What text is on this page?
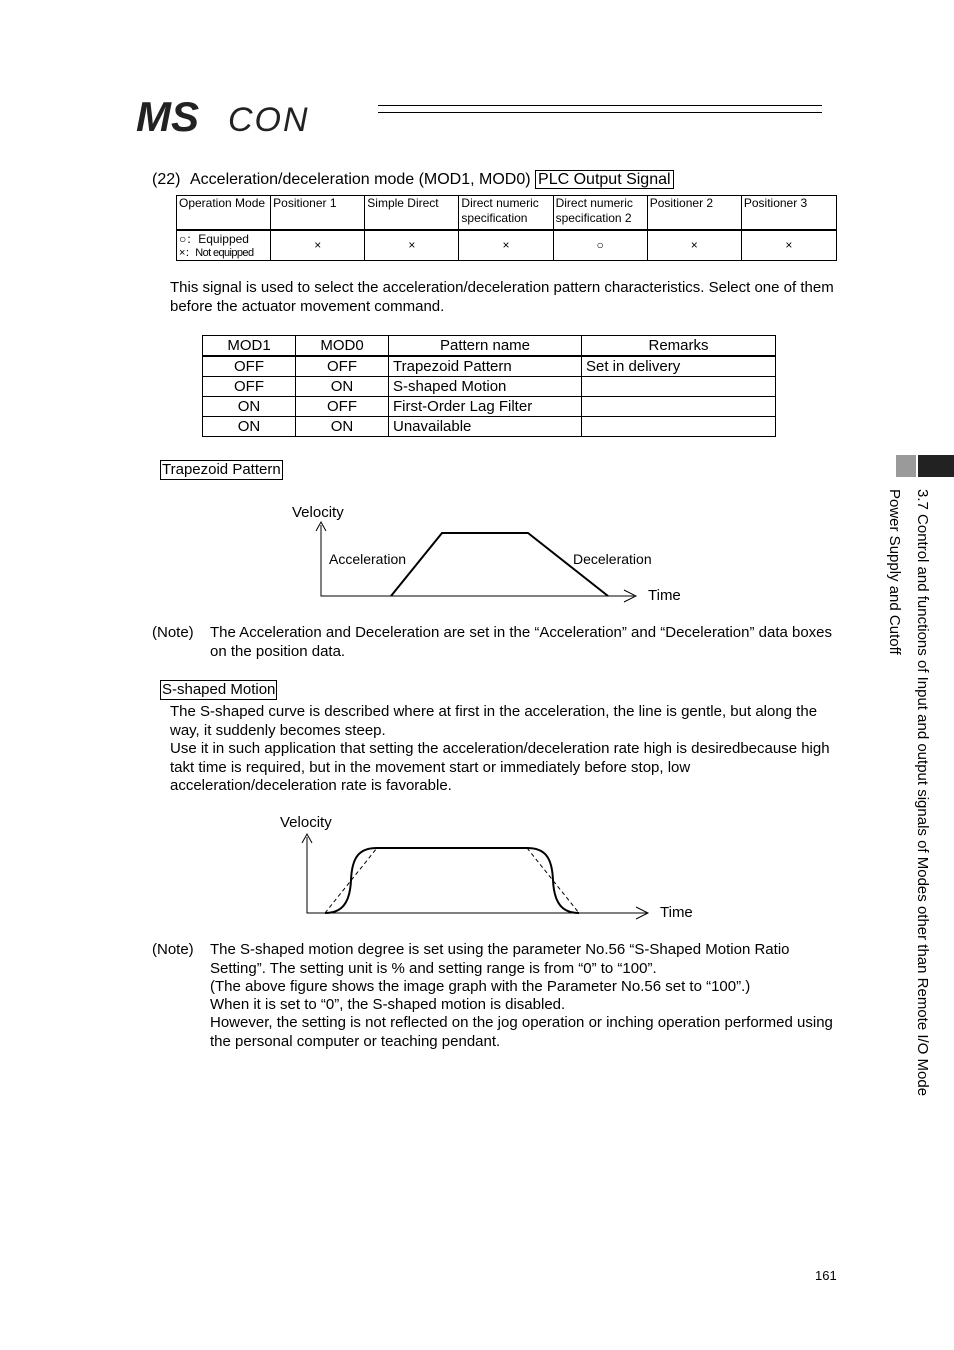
MS CON
(22) Acceleration/deceleration mode (MOD1, MOD0) PLC Output Signal
Operation Mode	Positioner 1	Simple Direct	Direct numeric specification	Direct numeric specification 2	Positioner 2	Positioner 3

○：Equipped
×：Not equipped	×	×	×	○	×	×
This signal is used to select the acceleration/deceleration pattern characteristics. Select one of them before the actuator movement command.
MOD1	MOD0	Pattern name	Remarks
OFF	OFF	Trapezoid Pattern	Set in delivery
OFF	ON	S-shaped Motion	
ON	OFF	First-Order Lag Filter	
ON	ON	Unavailable	
Trapezoid Pattern
Velocity
Acceleration	Deceleration
Time
(Note) The Acceleration and Deceleration are set in the “Acceleration” and “Deceleration” data boxes on the position data.
S-shaped Motion
The S-shaped curve is described where at first in the acceleration, the line is gentle, but along the way, it suddenly becomes steep.
Use it in such application that setting the acceleration/deceleration rate high is desiredbecause high takt time is required, but in the movement start or immediately before stop, low acceleration/deceleration rate is favorable.
Velocity
Time
(Note) The S-shaped motion degree is set using the parameter No.56 “S-Shaped Motion Ratio Setting”. The setting unit is % and setting range is from “0” to “100”.
(The above figure shows the image graph with the Parameter No.56 set to “100”.)
When it is set to “0”, the S-shaped motion is disabled.
However, the setting is not reflected on the jog operation or inching operation performed using the personal computer or teaching pendant.	3.7 Control and functions of Input and output signals of Modes other than Remote I/O Mode
Power Supply and Cutoff
161
